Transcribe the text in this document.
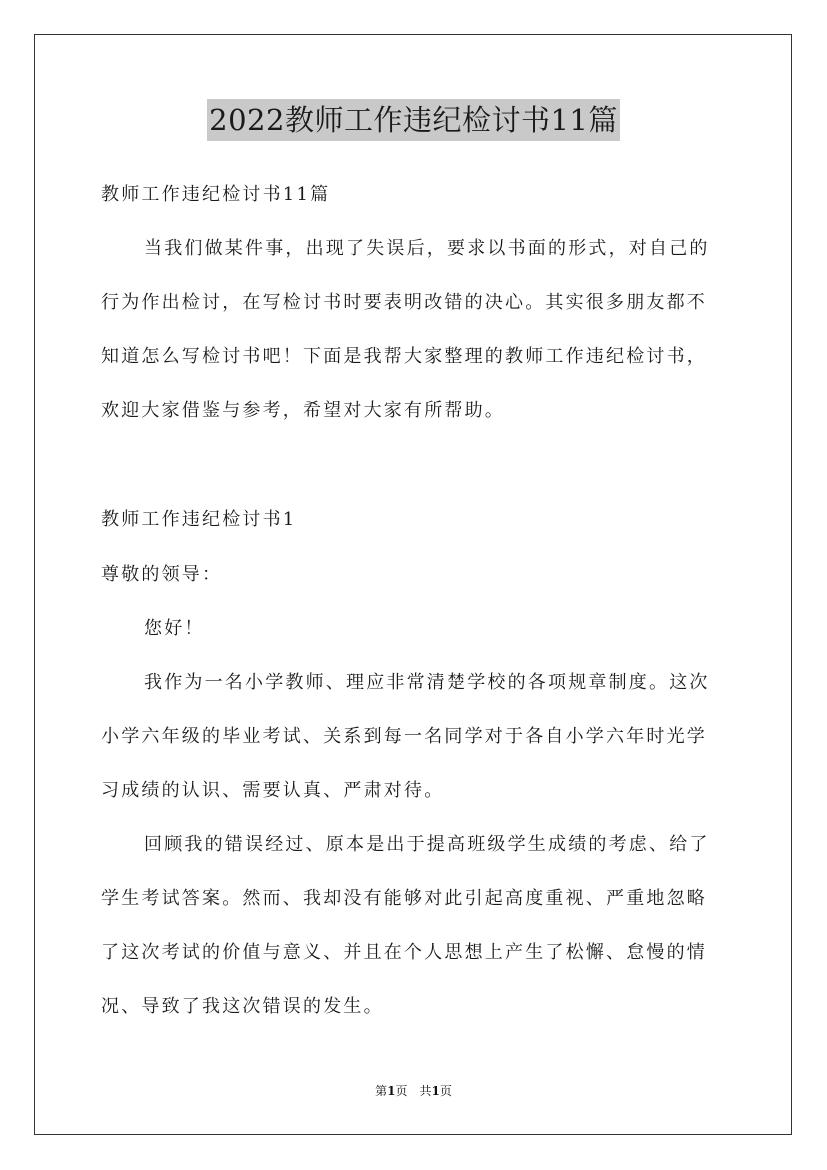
2022教师工作违纪检讨书11篇
教师工作违纪检讨书11篇
当我们做某件事，出现了失误后，要求以书面的形式，对自己的
行为作出检讨，在写检讨书时要表明改错的决心。其实很多朋友都不
知道怎么写检讨书吧！下面是我帮大家整理的教师工作违纪检讨书，
欢迎大家借鉴与参考，希望对大家有所帮助。
教师工作违纪检讨书1
尊敬的领导：
您好！
我作为一名小学教师、理应非常清楚学校的各项规章制度。这次
小学六年级的毕业考试、关系到每一名同学对于各自小学六年时光学
习成绩的认识、需要认真、严肃对待。
回顾我的错误经过、原本是出于提高班级学生成绩的考虑、给了
学生考试答案。然而、我却没有能够对此引起高度重视、严重地忽略
了这次考试的价值与意义、并且在个人思想上产生了松懈、怠慢的情
况、导致了我这次错误的发生。
第1页　共1页
